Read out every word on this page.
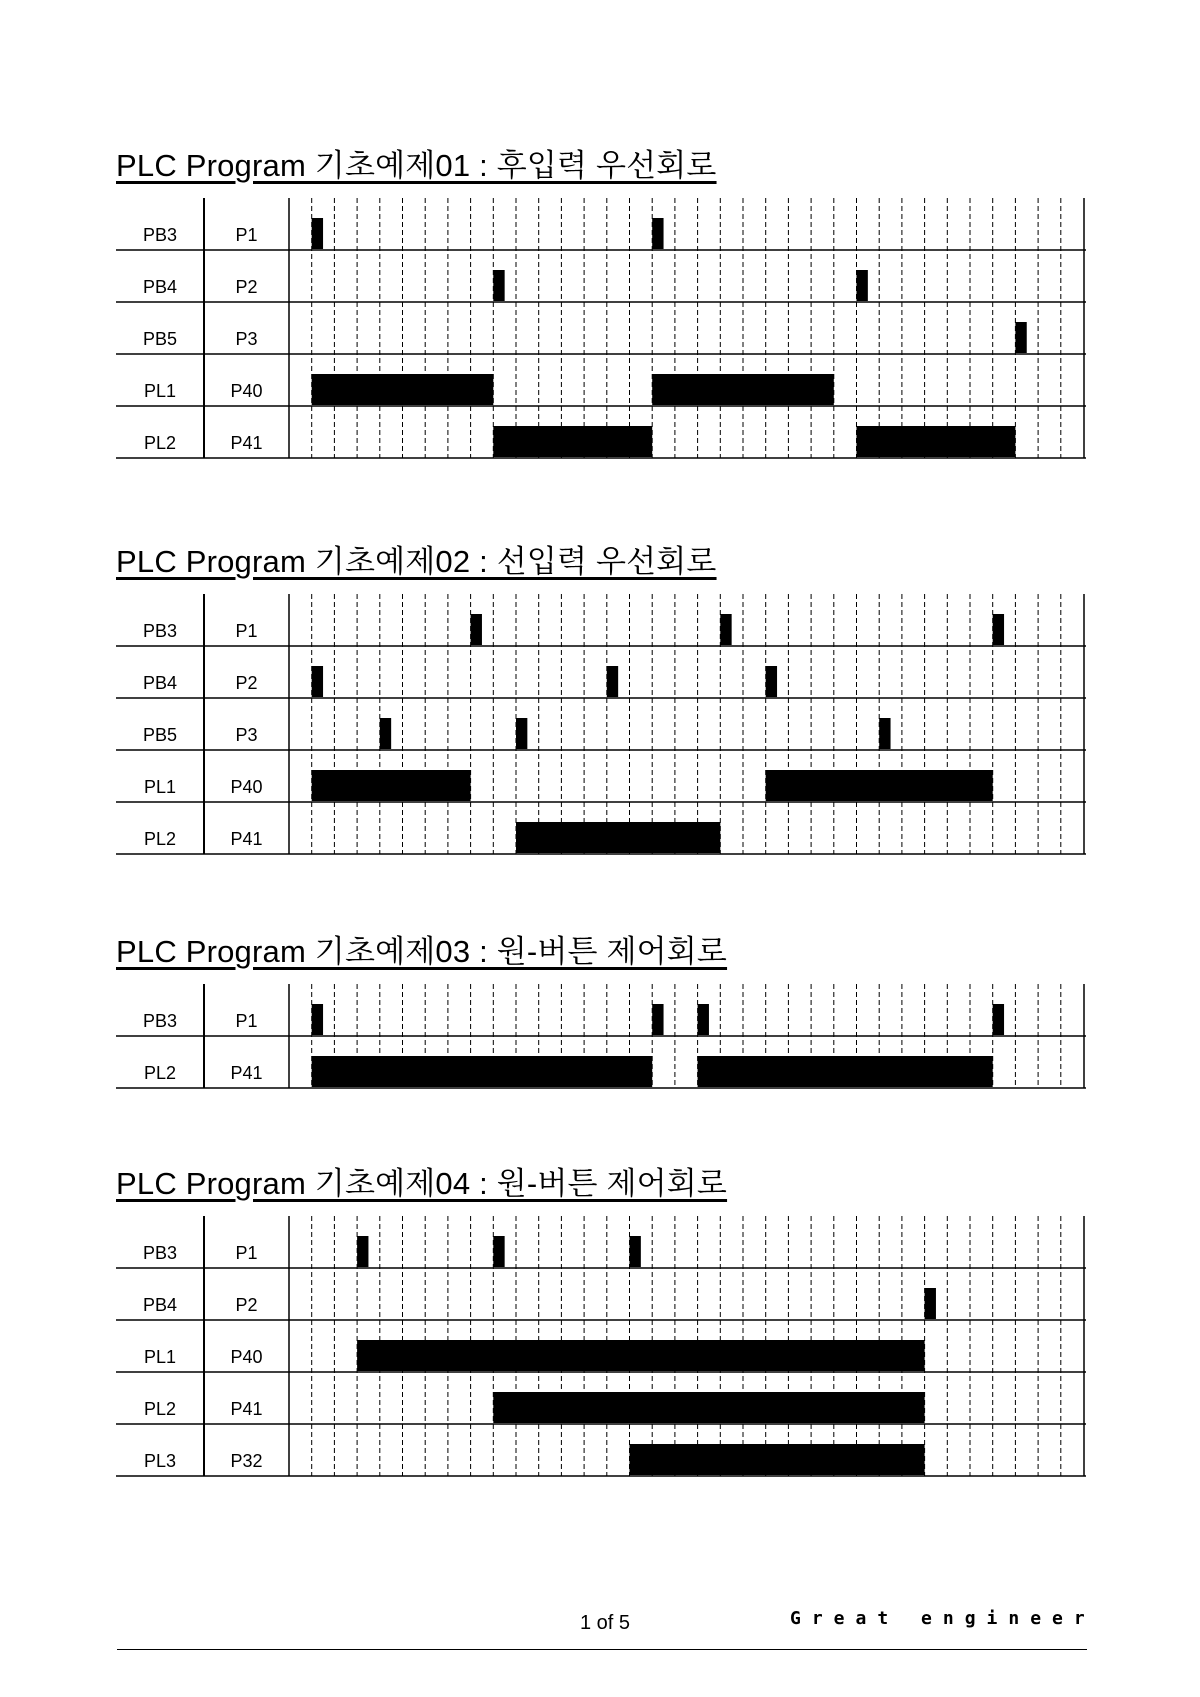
PLC Program 기초예제01 : 후입력 우선회로
PB3	P1
PB4	P2
PB5	P3
PL1	P40
PL2	P41
PLC Program 기초예제02 : 선입력 우선회로
PB3	P1
PB4	P2
PB5	P3
PL1	P40
PL2	P41
PLC Program 기초예제03 : 원-버튼 제어회로
PB3	P1
PL2	P41
PLC Program 기초예제04 : 원-버튼 제어회로
PB3	P1
PB4	P2
PL1	P40
PL2	P41
PL3	P32
1 of 5	Great engineer
